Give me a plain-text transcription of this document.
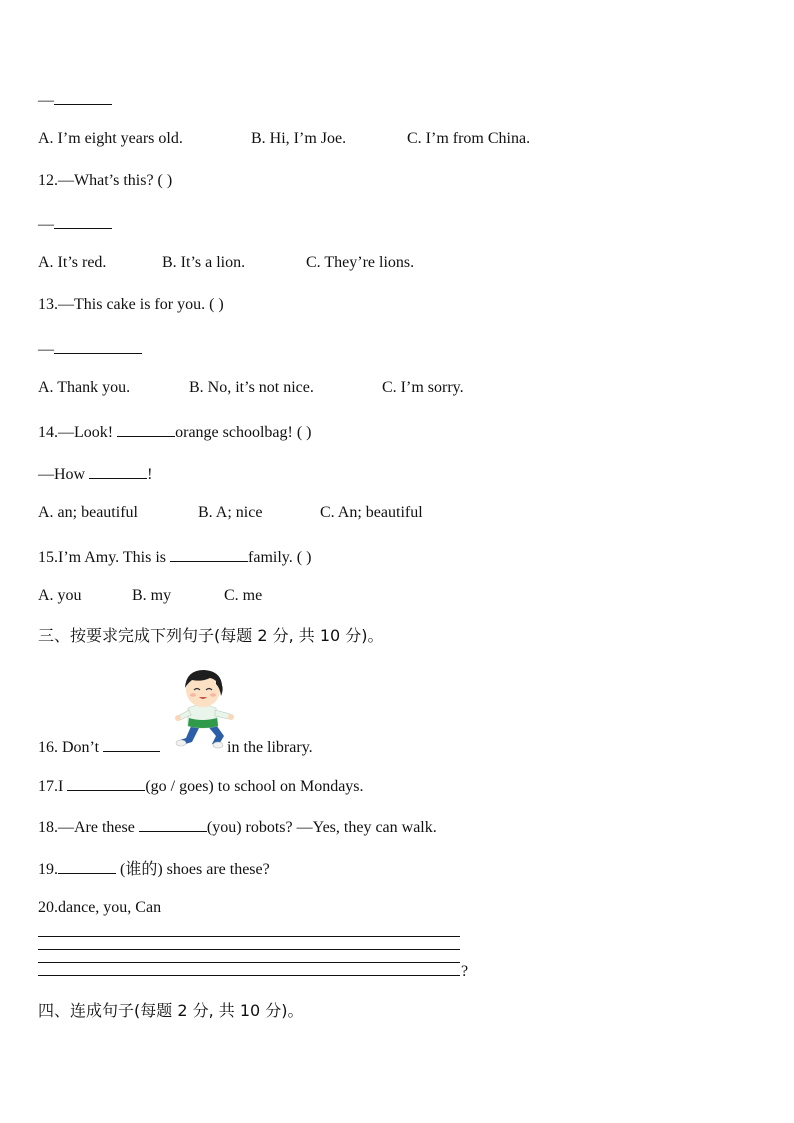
—
A. I’m eight years old.	B. Hi, I’m Joe.	C. I’m from China.
12.—What’s this? ( )
—
A. It’s red.	B. It’s a lion.	C. They’re lions.
13.—This cake is for you. ( )
—
A. Thank you.	B. No, it’s not nice.	C. I’m sorry.
14.—Look!	orange schoolbag! ( )
—How	!
A. an; beautiful	B. A; nice	C. An; beautiful
15.I’m Amy. This is	family. ( )
A. you	B. my	C. me
三、按要求完成下列句子(每题 2 分, 共 10 分)。
16. Don’t	in the library.
17.I	(go / goes) to school on Mondays.
18.—Are these	(you) robots? —Yes, they can walk.
19.	(谁的) shoes are these?
20.dance, you, Can
?
四、连成句子(每题 2 分, 共 10 分)。
